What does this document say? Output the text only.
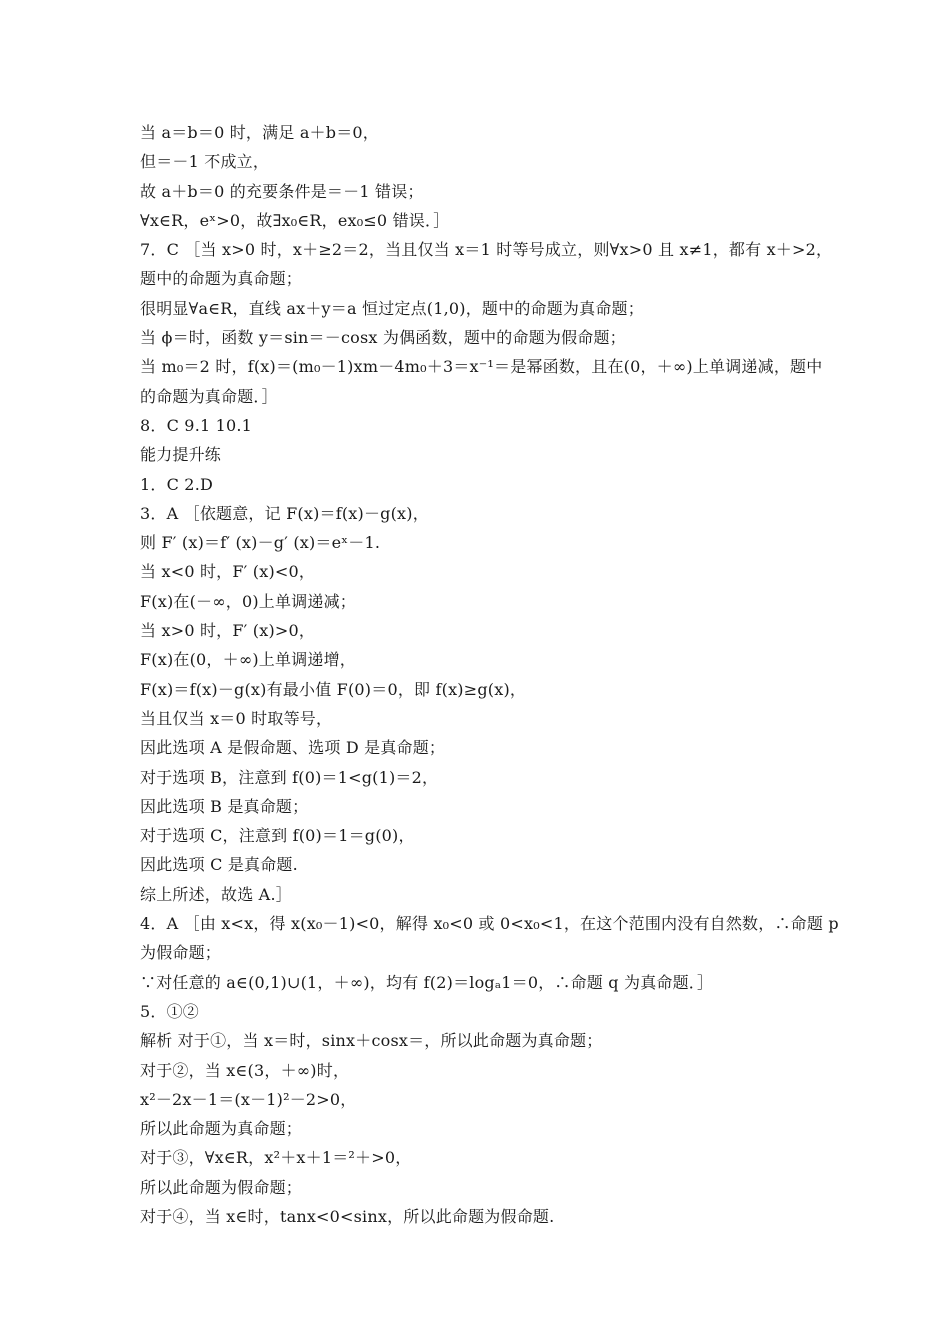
当 a＝b＝0 时，满足 a＋b＝0，
但＝－1 不成立，
故 a＋b＝0 的充要条件是＝－1 错误；
∀x∈R，eˣ>0，故∃x₀∈R，ex₀≤0 错误．］
7．C ［当 x>0 时，x＋≥2＝2，当且仅当 x＝1 时等号成立，则∀x>0 且 x≠1，都有 x＋>2，
题中的命题为真命题；
很明显∀a∈R，直线 ax＋y＝a 恒过定点(1,0)，题中的命题为真命题；
当 ϕ＝时，函数 y＝sin＝－cosx 为偶函数，题中的命题为假命题；
当 m₀＝2 时，f(x)＝(m₀－1)xm－4m₀＋3＝x⁻¹＝是幂函数，且在(0，＋∞)上单调递减，题中
的命题为真命题．］
8．C 9.1 10.1
能力提升练
1．C 2.D
3．A ［依题意，记 F(x)＝f(x)－g(x)，
则 F′ (x)＝f′ (x)－g′ (x)＝eˣ－1.
当 x<0 时，F′ (x)<0，
F(x)在(－∞，0)上单调递减；
当 x>0 时，F′ (x)>0，
F(x)在(0，＋∞)上单调递增，
F(x)＝f(x)－g(x)有最小值 F(0)＝0，即 f(x)≥g(x)，
当且仅当 x＝0 时取等号，
因此选项 A 是假命题、选项 D 是真命题；
对于选项 B，注意到 f(0)＝1<g(1)＝2，
因此选项 B 是真命题；
对于选项 C，注意到 f(0)＝1＝g(0)，
因此选项 C 是真命题.
综上所述，故选 A.］
4．A ［由 x<x，得 x(x₀－1)<0，解得 x₀<0 或 0<x₀<1，在这个范围内没有自然数，∴命题 p
为假命题；
∵对任意的 a∈(0,1)∪(1，＋∞)，均有 f(2)＝logₐ1＝0，∴命题 q 为真命题．］
5．①②
解析 对于①，当 x＝时，sinx＋cosx＝，所以此命题为真命题；
对于②，当 x∈(3，＋∞)时，
x²－2x－1＝(x－1)²－2>0，
所以此命题为真命题；
对于③，∀x∈R，x²＋x＋1＝²＋>0，
所以此命题为假命题；
对于④，当 x∈时，tanx<0<sinx，所以此命题为假命题.
